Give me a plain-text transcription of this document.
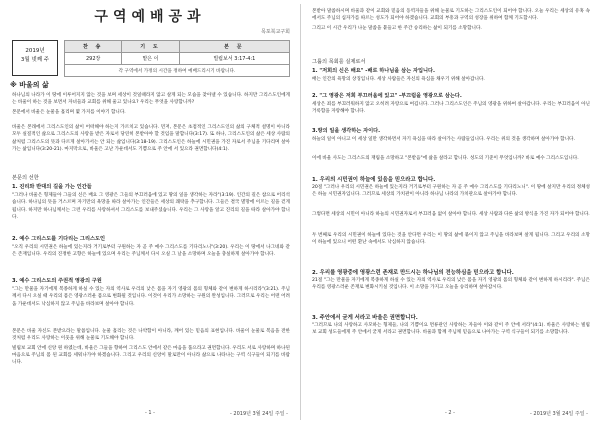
구역예배공과
목포북교구회
2019년
3월 넷째 주
찬 송	기 도	본 문
292장	맡은 이	빌립보서 3:17-4:1
각 구역에서 가정의 시간을 정하여 예배드리시기 바랍니다.		
※ 바울의 삶

하나님의 나라가 이 땅에 이루어지지 않는 것을 보며 세상이 것일때라지 않고 살게 되는 모습을 찾아낼 수 있습니다. 하지만 그리스도인에게는 바울이 하는 것을 보면서 자녀들과 교회를 위해 울고 있나요? 우리는 무엇을 사랑합니까?

본문에서 바울은 눈물을 흘리며 몇 가지를 이야기 합니다.

바울은 본래에서 그리스도인의 삶이 어떠해야 하는지 가르치고 있습니다. 먼저, 본문은 초점적인 그리스도인의 삶의 구체적 설명이 아니라 모두 실질적인 삶으로 그리스도의 사랑을 받은 자로서 당연히 본받아야 할 것임을 말합니다(3:17). 또 하나, 그리스도인의 삶은 세상 사람의 삶처럼 그리스도의 뜻과 다르게 살아가서는 안 되는 삶입니다(3:18-19). 그리스도인은 하늘에 시민권을 가진 자로서 주님을 기다리며 살아가는 삶입니다(3:20-21). 마지막으로, 바울은 고난 가운데서도 기쁨으로 주 안에 서 있으라 권면합니다(4:1).
본문의 선한
1. 진리와 반대의 길을 가는 인간들
"그러나 바울은 형제들아 그들의 신은 배요 그 영광은 그들의 부끄러움에 있고 땅의 일을 생각하는 자라"(3:19). 인간의 길은 참으로 어리석습니다. 하나님의 뜻을 거스르며 자기만의 욕망을 따라 살아가는 인간들은 세상의 쾌락을 추구합니다. 그들은 결국 멸망에 이르는 길을 걷게 됩니다. 하지만 하나님께서는 그런 우리를 사랑하셔서 그리스도를 보내주셨습니다. 우리는 그 사랑을 알고 진리의 길을 따라 살아가야 합니다.
2. 예수 그리스도를 기다리는 그리스도인
"오직 우리의 시민권은 하늘에 있는지라 거기로부터 구원하는 자 곧 주 예수 그리스도를 기다리노니"(3:20). 우리는 이 땅에서 나그네와 같은 존재입니다. 우리의 진정한 고향은 하늘에 있으며 우리는 주님께서 다시 오실 그 날을 소망하며 오늘을 충실하게 살아가야 합니다.
3. 예수 그리스도의 주권적 영광의 구원
"그는 만물을 자기에게 복종하게 하실 수 있는 자의 역사로 우리의 낮은 몸을 자기 영광의 몸의 형체와 같이 변하게 하시리라"(3:21). 주님께서 다시 오실 때 우리의 몸은 영광스러운 몸으로 변화될 것입니다. 이것이 우리가 소망하는 구원의 완성입니다. 그러므로 우리는 어떤 어려움 가운데서도 낙심하지 않고 주님을 바라보며 살아야 합니다.

본문은 바울 자신도 본받으라는 말씀입니다. 눈물 흘리는 것은 나약함이 아니라, 깨어 있는 믿음의 표현입니다. 바울이 눈물로 복음을 전한 것처럼 우리도 사랑하는 이웃을 위해 눈물로 기도해야 합니다.

빌립보 교회 안에 신앙 원 하였는데, 바울은 그들을 향하여 그리스도 안에서 같은 마음을 품으라고 권면합니다. 우리도 서로 사랑하며 하나된 마음으로 주님의 몸 된 교회를 세워나가야 하겠습니다. 그리고 우리의 신앙이 말로만이 아니라 삶으로 나타나는 구역 식구들이 되기를 바랍니다.

- 1 -	- 2019년 3월 24일 주일 -

본받아 말씀하시며 바울과 같이 교회와 믿음의 동역자들을 위해 눈물로 기도하는 그리스도인이 되어야 합니다. 오늘 우리는 세상의 유혹 속에서도 주님의 십자가를 따르는 성도가 되어야 하겠습니다. 교회의 부흥과 구역의 성장을 위하여 함께 기도합시다.

그리고 이 시간 우리가 나눈 말씀을 붙들고 한 주간 승리하는 삶이 되기를 소망합니다.

그룹의 목회를 실제로서
1. "저희의 신은 배요" -배로 하나님을 삼는 자입니다.
배는 인간의 욕망의 상징입니다. 세상 사람들은 자신의 욕심을 채우기 위해 살아갑니다.
2. "그 영광은 저희 부끄러움에 있고" -부끄럼을 영광으로 삼는다.
세상은 죄를 부끄러워하지 않고 오히려 자랑으로 여깁니다. 그러나 그리스도인은 주님의 영광을 위하여 살아갑니다. 우리는 부끄러움이 아닌 거룩함을 자랑해야 합니다.
3.땅의 일을 생각하는 자이다.
하늘의 일이 아니고 이 세상 일만 생각하면서 자기 욕심을 따라 살아가는 사람들입니다. 우리는 위의 것을 생각하며 살아가야 합니다.
이에 바울 사도는 그리스도의 재림을 소망하고 "본받음"에 삶을 살라고 합니다. 성도의 기준이 무엇입니까? 바로 예수 그리스도입니다.
1. 우리의 시민권이 하늘에 있음을 믿으라고 합니다.
20절 "그러나 우리의 시민권은 하늘에 있는지라 거기로부터 구원하는 자 곧 주 예수 그리스도를 기다리노니". 이 땅에 살지만 우리의 정체성은 하늘 시민권자입니다. 그러므로 세상의 가치관이 아니라 하나님 나라의 가치관으로 살아가야 합니다.
그렇다면 세상의 시민이 아니라 하늘의 시민권자로서 부끄러움 없이 살아야 합니다. 세상 사람과 다른 삶의 방식을 가진 자가 되어야 합니다.
두 번째로 우리의 시민권이 하늘에 있다는 것을 안다면 우리는 이 땅의 삶에 묶이지 않고 주님을 바라보며 살게 됩니다. 그리고 우리의 소망이 하늘에 있으니 어떤 환난 속에서도 낙심하지 않습니다.
2. 우리를 영광중에 영광스런 존재로 만드시는 하나님의 전능하심을 믿으라고 합니다.
21절 "그는 만물을 자기에게 복종하게 하실 수 있는 자의 역사로 우리의 낮은 몸을 자기 영광의 몸의 형체와 같이 변하게 하시리라". 주님은 우리를 영광스러운 존재로 변화시키실 것입니다. 이 소망을 가지고 오늘을 승리하며 살아갑시다.
3. 주안에서 굳게 서라고 바울은 권면합니다.
"그러므로 나의 사랑하고 사모하는 형제들, 나의 기쁨이요 면류관인 사랑하는 자들아 이와 같이 주 안에 서라"(4:1). 바울은 사랑하는 빌립보 교회 성도들에게 주 안에서 굳게 서라고 권면합니다. 바울과 함께 주님께 믿음으로 나아가는 구역 식구들이 되기를 소망합니다.
- 2 -	- 2019년 3월 24일 주일 -
